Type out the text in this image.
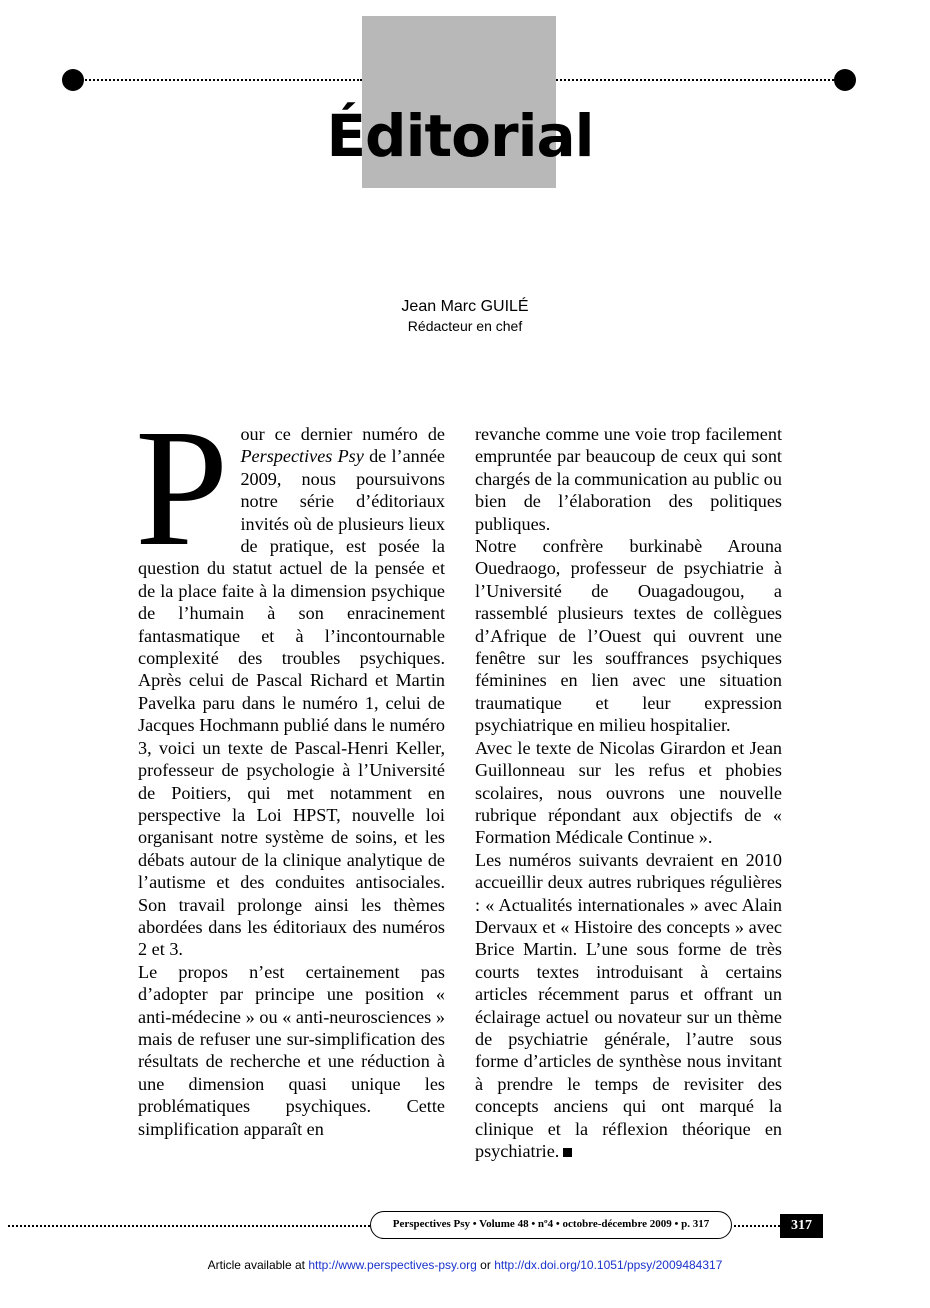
Éditorial
Jean Marc GUILÉ
Rédacteur en chef

Pour ce dernier numéro de Perspectives Psy de l’année 2009, nous poursuivons notre série d’éditoriaux invités où de plusieurs lieux de pratique, est posée la question du statut actuel de la pensée et de la place faite à la dimension psychique de l’humain à son enracinement fantasmatique et à l’incontournable complexité des troubles psychiques. Après celui de Pascal Richard et Martin Pavelka paru dans le numéro 1, celui de Jacques Hochmann publié dans le numéro 3, voici un texte de Pascal-Henri Keller, professeur de psychologie à l’Université de Poitiers, qui met notamment en perspective la Loi HPST, nouvelle loi organisant notre système de soins, et les débats autour de la clinique analytique de l’autisme et des conduites antisociales. Son travail prolonge ainsi les thèmes abordées dans les éditoriaux des numéros 2 et 3.

Le propos n’est certainement pas d’adopter par principe une position « anti-médecine » ou « anti-neurosciences » mais de refuser une sur-simplification des résultats de recherche et une réduction à une dimension quasi unique les problématiques psychiques. Cette simplification apparaît en

revanche comme une voie trop facilement empruntée par beaucoup de ceux qui sont chargés de la communication au public ou bien de l’élaboration des politiques publiques.

Notre confrère burkinabè Arouna Ouedraogo, professeur de psychiatrie à l’Université de Ouagadougou, a rassemblé plusieurs textes de collègues d’Afrique de l’Ouest qui ouvrent une fenêtre sur les souffrances psychiques féminines en lien avec une situation traumatique et leur expression psychiatrique en milieu hospitalier.

Avec le texte de Nicolas Girardon et Jean Guillonneau sur les refus et phobies scolaires, nous ouvrons une nouvelle rubrique répondant aux objectifs de « Formation Médicale Continue ».

Les numéros suivants devraient en 2010 accueillir deux autres rubriques régulières : « Actualités internationales » avec Alain Dervaux et « Histoire des concepts » avec Brice Martin. L’une sous forme de très courts textes introduisant à certains articles récemment parus et offrant un éclairage actuel ou novateur sur un thème de psychiatrie générale, l’autre sous forme d’articles de synthèse nous invitant à prendre le temps de revisiter des concepts anciens qui ont marqué la clinique et la réflexion théorique en psychiatrie.

Perspectives Psy • Volume 48 • nº4 • octobre-décembre 2009 • p. 317	317
Article available at http://www.perspectives-psy.org or http://dx.doi.org/10.1051/ppsy/2009484317
